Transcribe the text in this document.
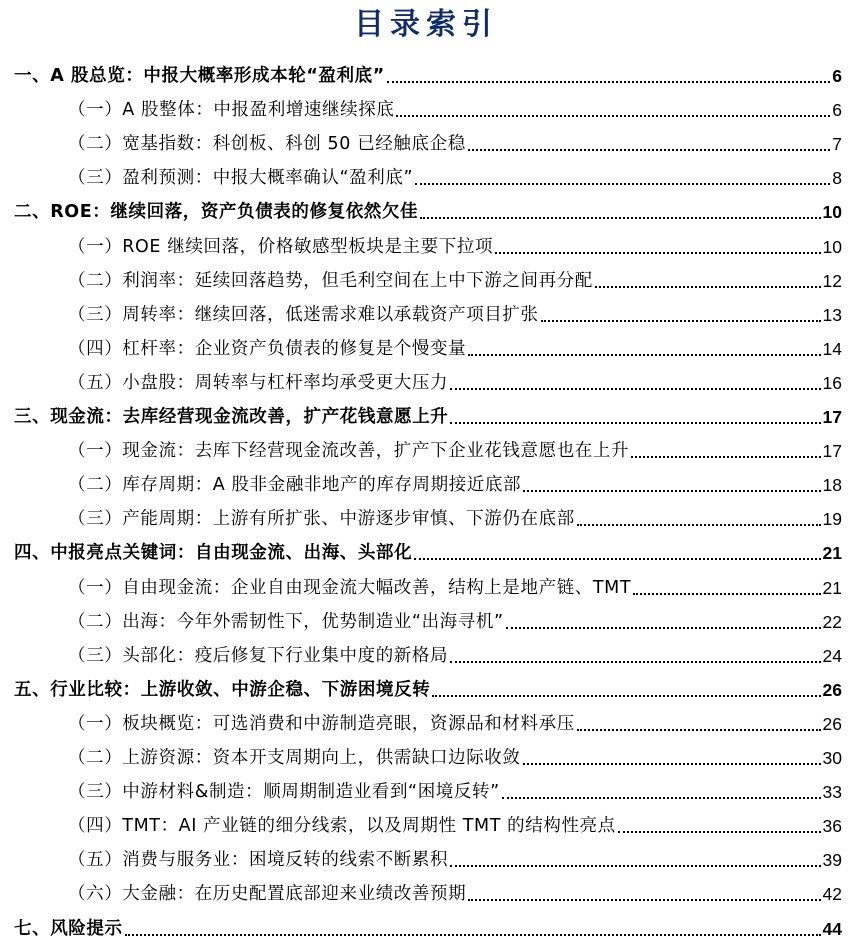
目录索引
一、A 股总览：中报大概率形成本轮“盈利底”	6
（一）A 股整体：中报盈利增速继续探底	6
（二）宽基指数：科创板、科创 50 已经触底企稳	7
（三）盈利预测：中报大概率确认“盈利底”	8
二、ROE：继续回落，资产负债表的修复依然欠佳	10
（一）ROE 继续回落，价格敏感型板块是主要下拉项	10
（二）利润率：延续回落趋势，但毛利空间在上中下游之间再分配	12
（三）周转率：继续回落，低迷需求难以承载资产项目扩张	13
（四）杠杆率：企业资产负债表的修复是个慢变量	14
（五）小盘股：周转率与杠杆率均承受更大压力	16
三、现金流：去库经营现金流改善，扩产花钱意愿上升	17
（一）现金流：去库下经营现金流改善，扩产下企业花钱意愿也在上升	17
（二）库存周期：A 股非金融非地产的库存周期接近底部	18
（三）产能周期：上游有所扩张、中游逐步审慎、下游仍在底部	19
四、中报亮点关键词：自由现金流、出海、头部化	21
（一）自由现金流：企业自由现金流大幅改善，结构上是地产链、TMT	21
（二）出海：今年外需韧性下，优势制造业“出海寻机”	22
（三）头部化：疫后修复下行业集中度的新格局	24
五、行业比较：上游收敛、中游企稳、下游困境反转	26
（一）板块概览：可选消费和中游制造亮眼，资源品和材料承压	26
（二）上游资源：资本开支周期向上，供需缺口边际收敛	30
（三）中游材料&制造：顺周期制造业看到“困境反转”	33
（四）TMT：AI 产业链的细分线索，以及周期性 TMT 的结构性亮点	36
（五）消费与服务业：困境反转的线索不断累积	39
（六）大金融：在历史配置底部迎来业绩改善预期	42
七、风险提示	44
